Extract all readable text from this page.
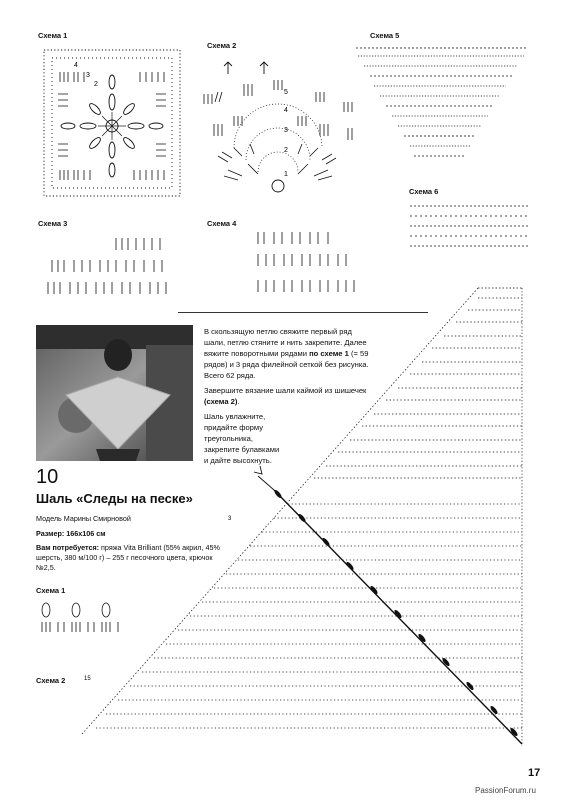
Схема 1
Схема 2
Схема 5
Схема 6
Схема 3	Схема 4
4
3
2
5
4
3
2
1
В скользящую петлю свяжите первый ряд шали, петлю стяните и нить закрепите. Далее вяжите поворотными рядами по схеме 1 (= 59 рядов) и 3 ряда филейной сеткой без рисунка. Всего 62 ряда.
Завершите вязание шали каймой из шишечек (схема 2).
Шаль увлажните, придайте форму треугольника, закрепите булавками и дайте высохнуть.
10
Шаль «Следы на песке»
Модель Марины Смирновой
Размер: 166х106 см
Вам потребуется: пряжа Vita Brilliant (55% акрил, 45% шерсть, 380 м/100 г) – 255 г песочного цвета, крючок №2,5.
Схема 1
Схема 2
3
15
17
PassionForum.ru
